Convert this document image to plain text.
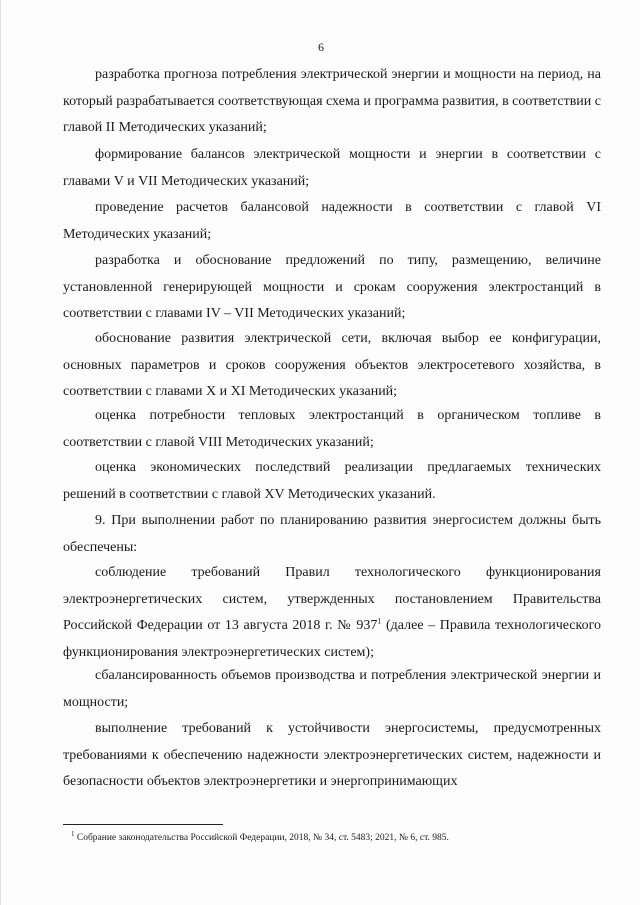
6

разработка прогноза потребления электрической энергии и мощности на период, на который разрабатывается соответствующая схема и программа развития, в соответствии с главой II Методических указаний;

формирование балансов электрической мощности и энергии в соответствии с главами V и VII Методических указаний;

проведение расчетов балансовой надежности в соответствии с главой VI Методических указаний;

разработка и обоснование предложений по типу, размещению, величине установленной генерирующей мощности и срокам сооружения электростанций в соответствии с главами IV – VII Методических указаний;

обоснование развития электрической сети, включая выбор ее конфигурации, основных параметров и сроков сооружения объектов электросетевого хозяйства, в соответствии с главами X и XI Методических указаний;

оценка потребности тепловых электростанций в органическом топливе в соответствии с главой VIII Методических указаний;

оценка экономических последствий реализации предлагаемых технических решений в соответствии с главой XV Методических указаний.

9. При выполнении работ по планированию развития энергосистем должны быть обеспечены:

соблюдение требований Правил технологического функционирования электроэнергетических систем, утвержденных постановлением Правительства Российской Федерации от 13 августа 2018 г. № $937^1$ (далее – Правила технологического функционирования электроэнергетических систем);

сбалансированность объемов производства и потребления электрической энергии и мощности;

выполнение требований к устойчивости энергосистемы, предусмотренных требованиями к обеспечению надежности электроэнергетических систем, надежности и безопасности объектов электроэнергетики и энергопринимающих

$^1$ Собрание законодательства Российской Федерации, 2018, № 34, ст. 5483; 2021, № 6, ст. 985.
